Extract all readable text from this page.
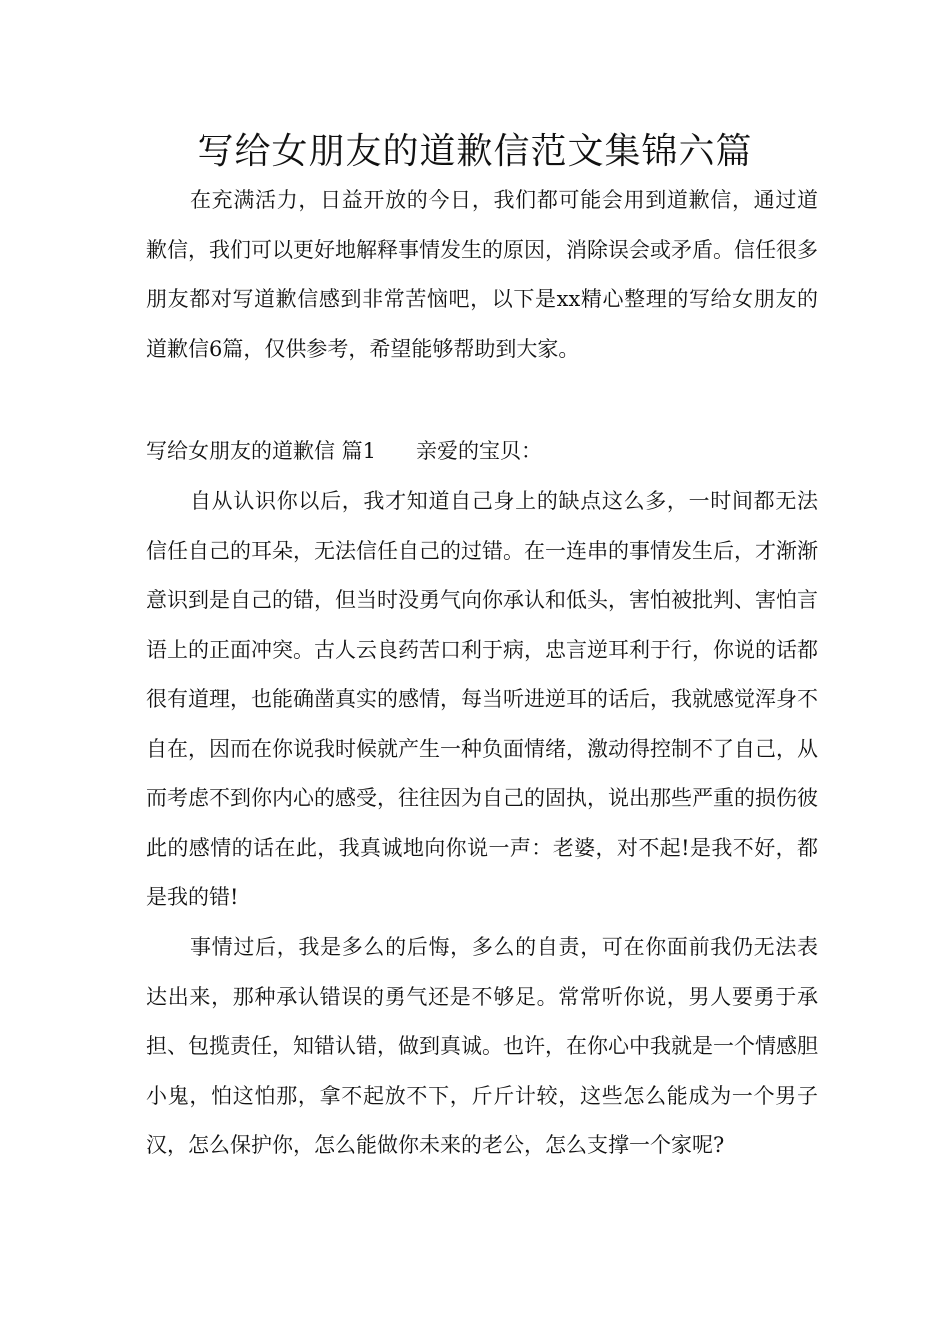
写给女朋友的道歉信范文集锦六篇

在充满活力，日益开放的今日，我们都可能会用到道歉信，通过道歉信，我们可以更好地解释事情发生的原因，消除误会或矛盾。信任很多朋友都对写道歉信感到非常苦恼吧，以下是xx精心整理的写给女朋友的道歉信6篇，仅供参考，希望能够帮助到大家。

写给女朋友的道歉信 篇1 亲爱的宝贝：

自从认识你以后，我才知道自己身上的缺点这么多，一时间都无法信任自己的耳朵，无法信任自己的过错。在一连串的事情发生后，才渐渐意识到是自己的错，但当时没勇气向你承认和低头，害怕被批判、害怕言语上的正面冲突。古人云良药苦口利于病，忠言逆耳利于行，你说的话都很有道理，也能确凿真实的感情，每当听进逆耳的话后，我就感觉浑身不自在，因而在你说我时候就产生一种负面情绪，激动得控制不了自己，从而考虑不到你内心的感受，往往因为自己的固执，说出那些严重的损伤彼此的感情的话在此，我真诚地向你说一声：老婆，对不起!是我不好，都是我的错!

事情过后，我是多么的后悔，多么的自责，可在你面前我仍无法表达出来，那种承认错误的勇气还是不够足。常常听你说，男人要勇于承担、包揽责任，知错认错，做到真诚。也许，在你心中我就是一个情感胆小鬼，怕这怕那，拿不起放不下，斤斤计较，这些怎么能成为一个男子汉，怎么保护你，怎么能做你未来的老公，怎么支撑一个家呢?
